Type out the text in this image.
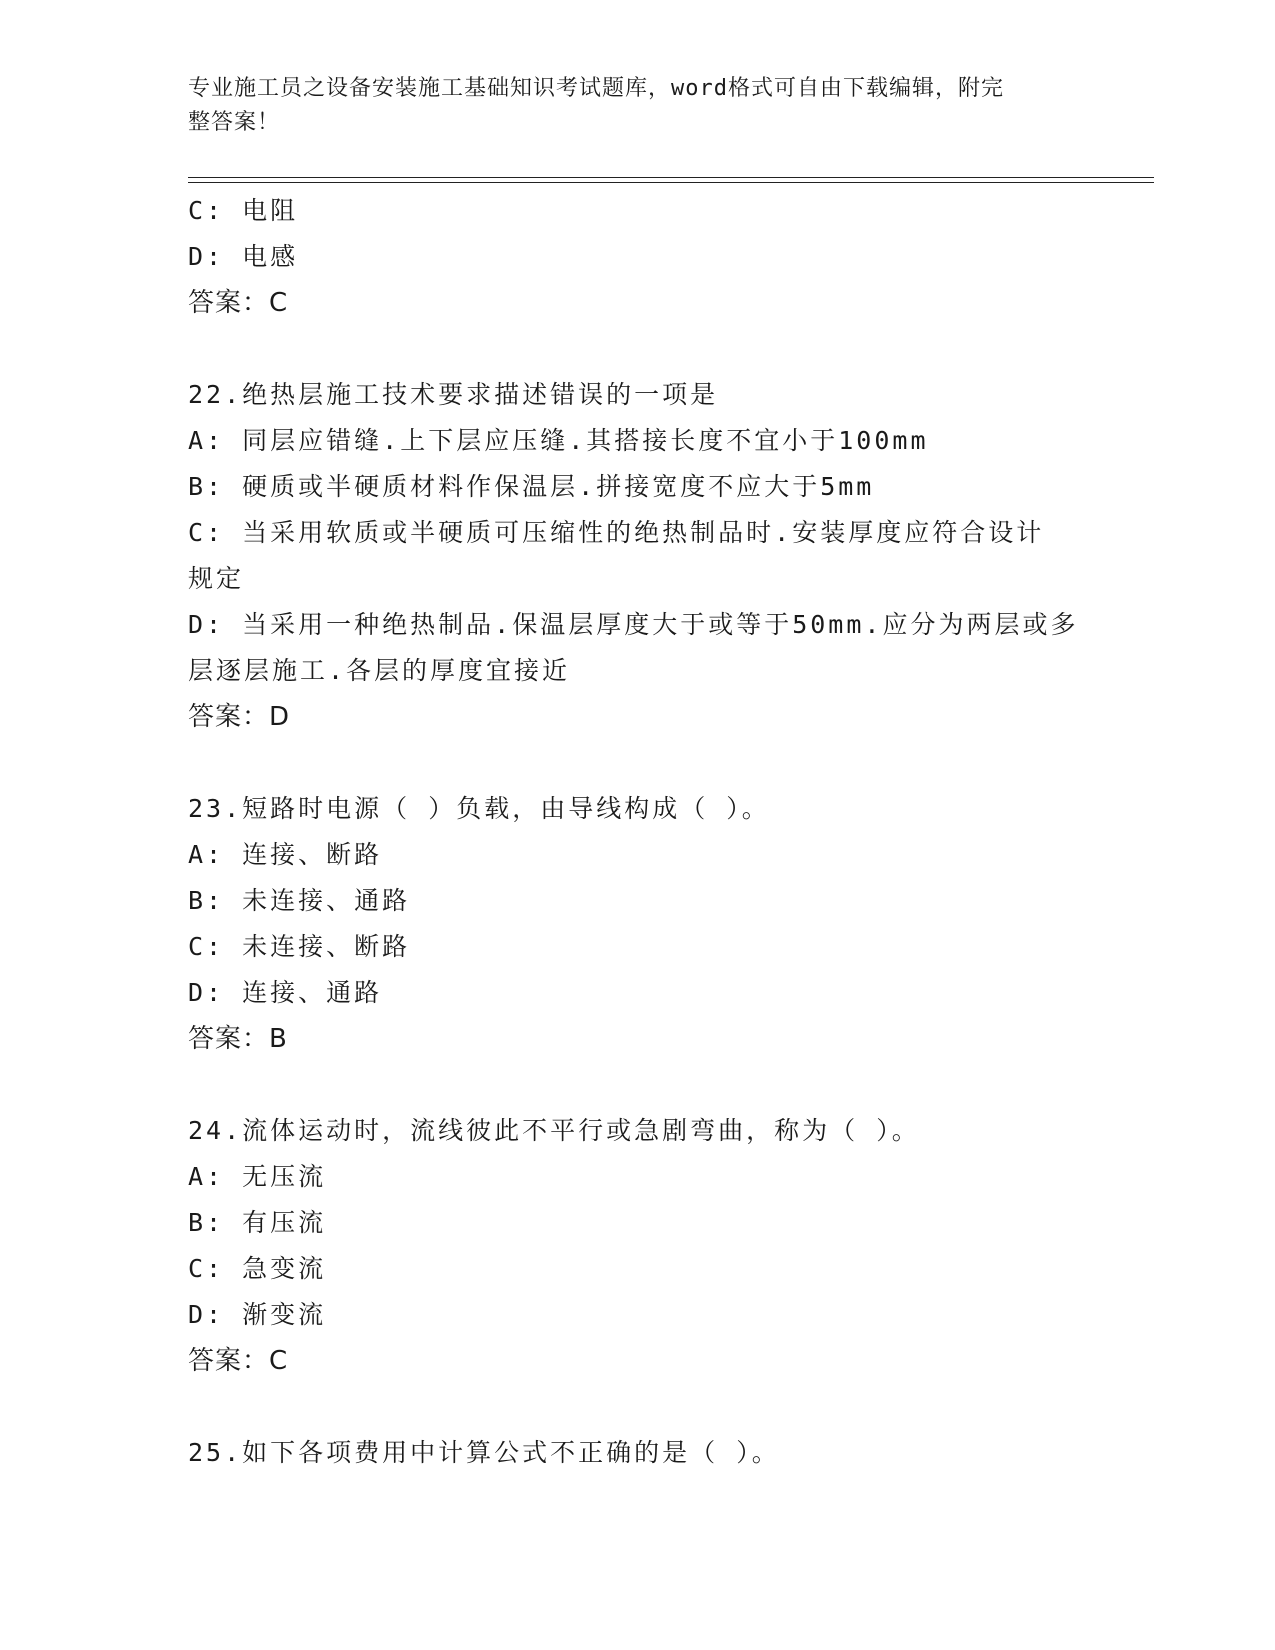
专业施工员之设备安装施工基础知识考试题库，word格式可自由下载编辑，附完
整答案！
C: 电阻
D: 电感
答案：C
22.绝热层施工技术要求描述错误的一项是
A: 同层应错缝.上下层应压缝.其搭接长度不宜小于100mm
B: 硬质或半硬质材料作保温层.拼接宽度不应大于5mm
C: 当采用软质或半硬质可压缩性的绝热制品时.安装厚度应符合设计
规定
D: 当采用一种绝热制品.保温层厚度大于或等于50mm.应分为两层或多
层逐层施工.各层的厚度宜接近
答案：D
23.短路时电源（ ）负载，由导线构成（ ）。
A: 连接、断路
B: 未连接、通路
C: 未连接、断路
D: 连接、通路
答案：B
24.流体运动时，流线彼此不平行或急剧弯曲，称为（ ）。
A: 无压流
B: 有压流
C: 急变流
D: 渐变流
答案：C
25.如下各项费用中计算公式不正确的是（ ）。
